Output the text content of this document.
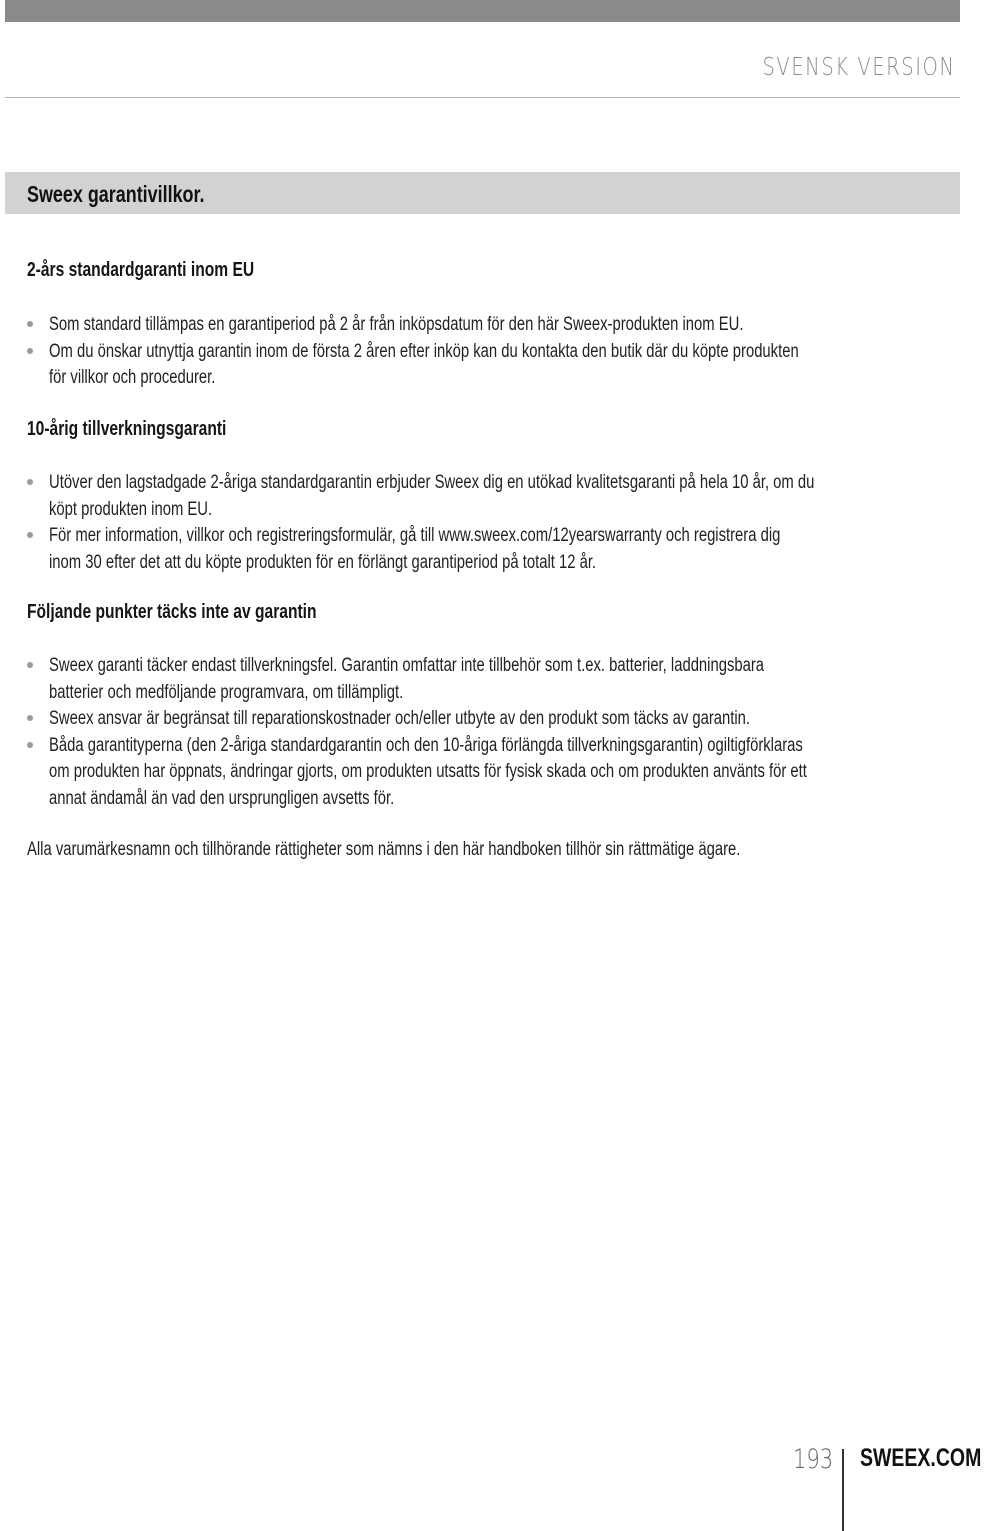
SVENSK VERSION
Sweex garantivillkor.
2-års standardgaranti inom EU
Som standard tillämpas en garantiperiod på 2 år från inköpsdatum för den här Sweex-produkten inom EU.
Om du önskar utnyttja garantin inom de första 2 åren efter inköp kan du kontakta den butik där du köpte produkten
för villkor och procedurer.
10-årig tillverkningsgaranti
Utöver den lagstadgade 2-åriga standardgarantin erbjuder Sweex dig en utökad kvalitetsgaranti på hela 10 år, om du
köpt produkten inom EU.
För mer information, villkor och registreringsformulär, gå till www.sweex.com/12yearswarranty och registrera dig
inom 30 efter det att du köpte produkten för en förlängt garantiperiod på totalt 12 år.
Följande punkter täcks inte av garantin
Sweex garanti täcker endast tillverkningsfel. Garantin omfattar inte tillbehör som t.ex. batterier, laddningsbara
batterier och medföljande programvara, om tillämpligt.
Sweex ansvar är begränsat till reparationskostnader och/eller utbyte av den produkt som täcks av garantin.
Båda garantityperna (den 2-åriga standardgarantin och den 10-åriga förlängda tillverkningsgarantin) ogiltigförklaras
om produkten har öppnats, ändringar gjorts, om produkten utsatts för fysisk skada och om produkten använts för ett
annat ändamål än vad den ursprungligen avsetts för.

Alla varumärkesnamn och tillhörande rättigheter som nämns i den här handboken tillhör sin rättmätige ägare.

193 SWEEX.COM
